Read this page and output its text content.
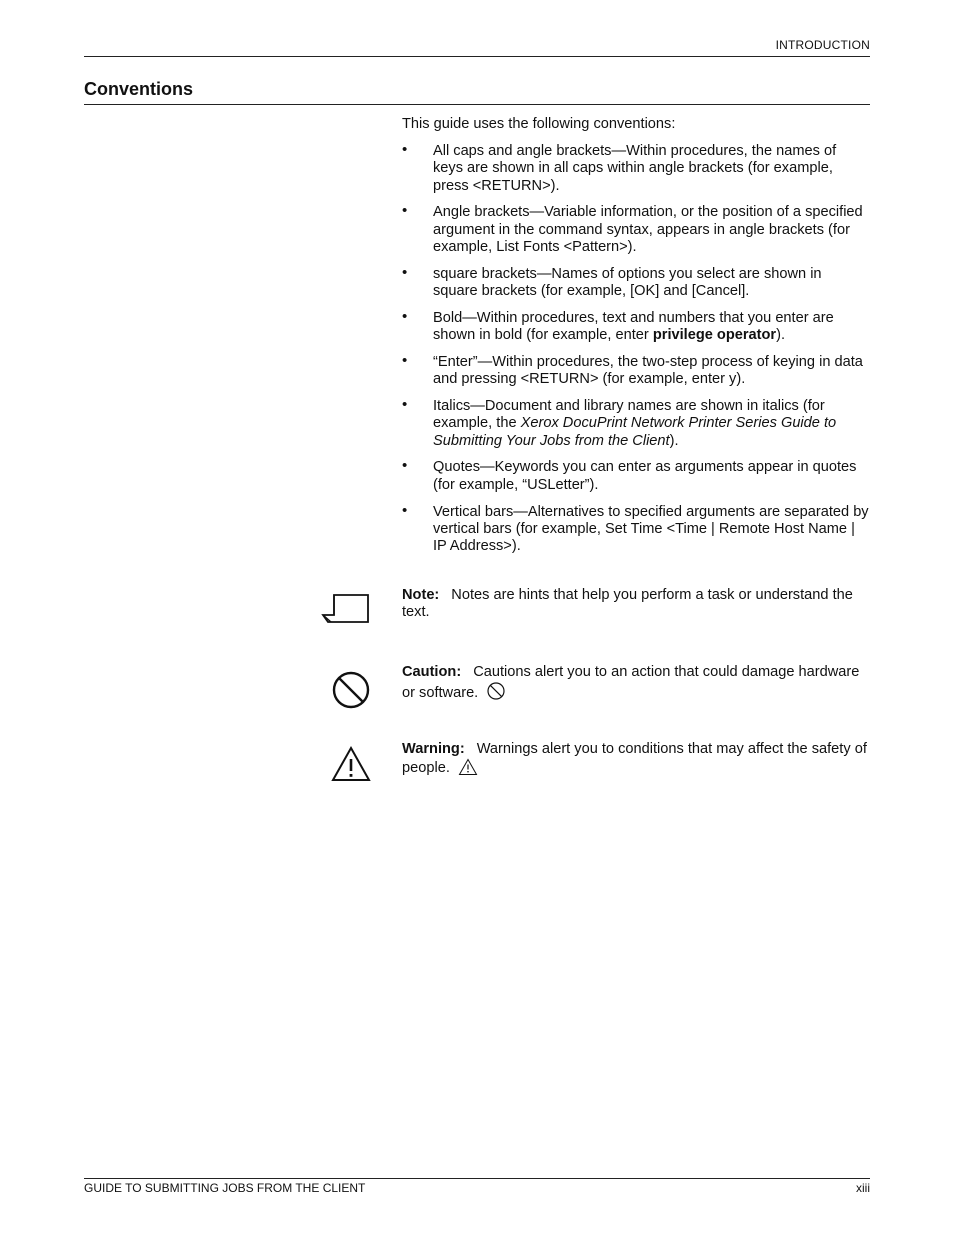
INTRODUCTION
Conventions
This guide uses the following conventions:
• All caps and angle brackets—Within procedures, the names of keys are shown in all caps within angle brackets (for example, press <RETURN>).
• Angle brackets—Variable information, or the position of a specified argument in the command syntax, appears in angle brackets (for example, List Fonts <Pattern>).
• square brackets—Names of options you select are shown in square brackets (for example, [OK] and [Cancel].
• Bold—Within procedures, text and numbers that you enter are shown in bold (for example, enter privilege operator).
• “Enter”—Within procedures, the two-step process of keying in data and pressing <RETURN> (for example, enter y).
• Italics—Document and library names are shown in italics (for example, the Xerox DocuPrint Network Printer Series Guide to Submitting Your Jobs from the Client).
• Quotes—Keywords you can enter as arguments appear in quotes (for example, “USLetter”).
• Vertical bars—Alternatives to specified arguments are separated by vertical bars (for example, Set Time <Time | Remote Host Name | IP Address>).
Note: Notes are hints that help you perform a task or understand the text.
Caution: Cautions alert you to an action that could damage hardware or software.
Warning: Warnings alert you to conditions that may affect the safety of people.
GUIDE TO SUBMITTING JOBS FROM THE CLIENT	xiii
